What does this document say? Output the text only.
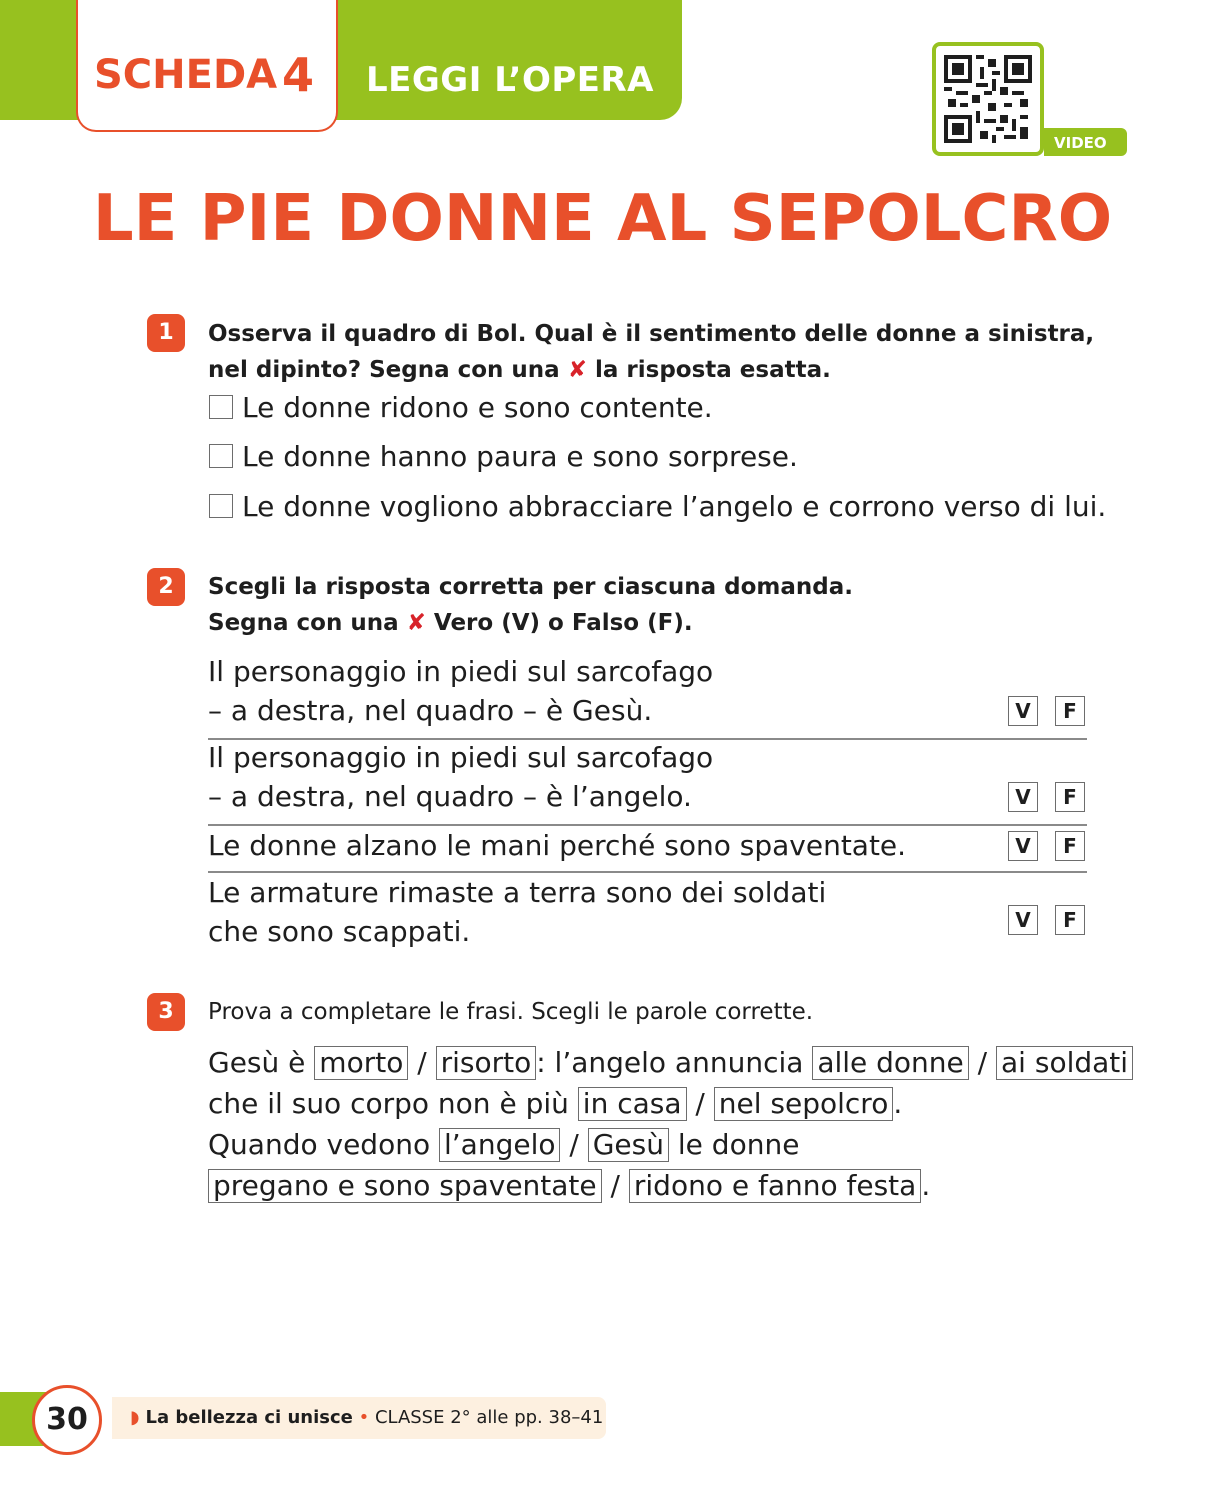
SCHEDA 4 LEGGI L’OPERA
VIDEO
LE PIE DONNE AL SEPOLCRO
1	Osserva il quadro di Bol. Qual è il sentimento delle donne a sinistra,
nel dipinto? Segna con una ✘ la risposta esatta.
Le donne ridono e sono contente.
Le donne hanno paura e sono sorprese.
Le donne vogliono abbracciare l’angelo e corrono verso di lui.
2	Scegli la risposta corretta per ciascuna domanda.
Segna con una ✘ Vero (V) o Falso (F).
Il personaggio in piedi sul sarcofago
– a destra, nel quadro – è Gesù.	V	F
Il personaggio in piedi sul sarcofago
– a destra, nel quadro – è l’angelo.	V	F
Le donne alzano le mani perché sono spaventate.	V	F
Le armature rimaste a terra sono dei soldati
che sono scappati.	V	F
3	Prova a completare le frasi. Scegli le parole corrette.
Gesù è morto / risorto : l’angelo annuncia alle donne / ai soldati
che il suo corpo non è più in casa / nel sepolcro .
Quando vedono l’angelo / Gesù le donne
pregano e sono spaventate / ridono e fanno festa .
30	◗ La bellezza ci unisce • CLASSE 2° alle pp. 38–41
